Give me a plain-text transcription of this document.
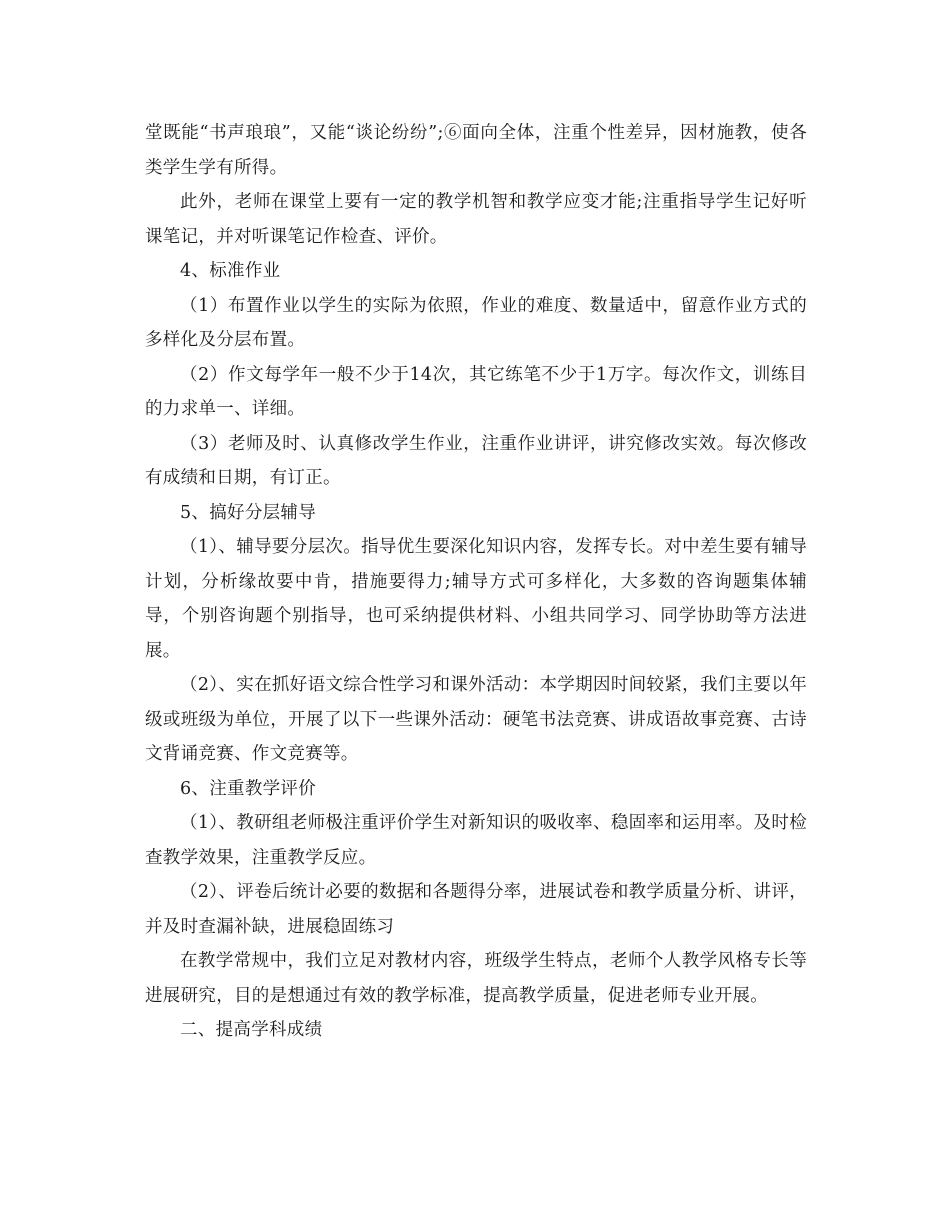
堂既能“书声琅琅”，又能“谈论纷纷”;⑥面向全体，注重个性差异，因材施教，使各类学生学有所得。

此外，老师在课堂上要有一定的教学机智和教学应变才能;注重指导学生记好听课笔记，并对听课笔记作检查、评价。

4、标准作业

（1）布置作业以学生的实际为依照，作业的难度、数量适中，留意作业方式的多样化及分层布置。

（2）作文每学年一般不少于14次，其它练笔不少于1万字。每次作文，训练目的力求单一、详细。

（3）老师及时、认真修改学生作业，注重作业讲评，讲究修改实效。每次修改有成绩和日期，有订正。

5、搞好分层辅导

（1）、辅导要分层次。指导优生要深化知识内容，发挥专长。对中差生要有辅导计划，分析缘故要中肯，措施要得力;辅导方式可多样化，大多数的咨询题集体辅导，个别咨询题个别指导，也可采纳提供材料、小组共同学习、同学协助等方法进展。

（2）、实在抓好语文综合性学习和课外活动：本学期因时间较紧，我们主要以年级或班级为单位，开展了以下一些课外活动：硬笔书法竞赛、讲成语故事竞赛、古诗文背诵竞赛、作文竞赛等。

6、注重教学评价

（1）、教研组老师极注重评价学生对新知识的吸收率、稳固率和运用率。及时检查教学效果，注重教学反应。

（2）、评卷后统计必要的数据和各题得分率，进展试卷和教学质量分析、讲评，并及时查漏补缺，进展稳固练习

在教学常规中，我们立足对教材内容，班级学生特点，老师个人教学风格专长等进展研究，目的是想通过有效的教学标准，提高教学质量，促进老师专业开展。

二、提高学科成绩
